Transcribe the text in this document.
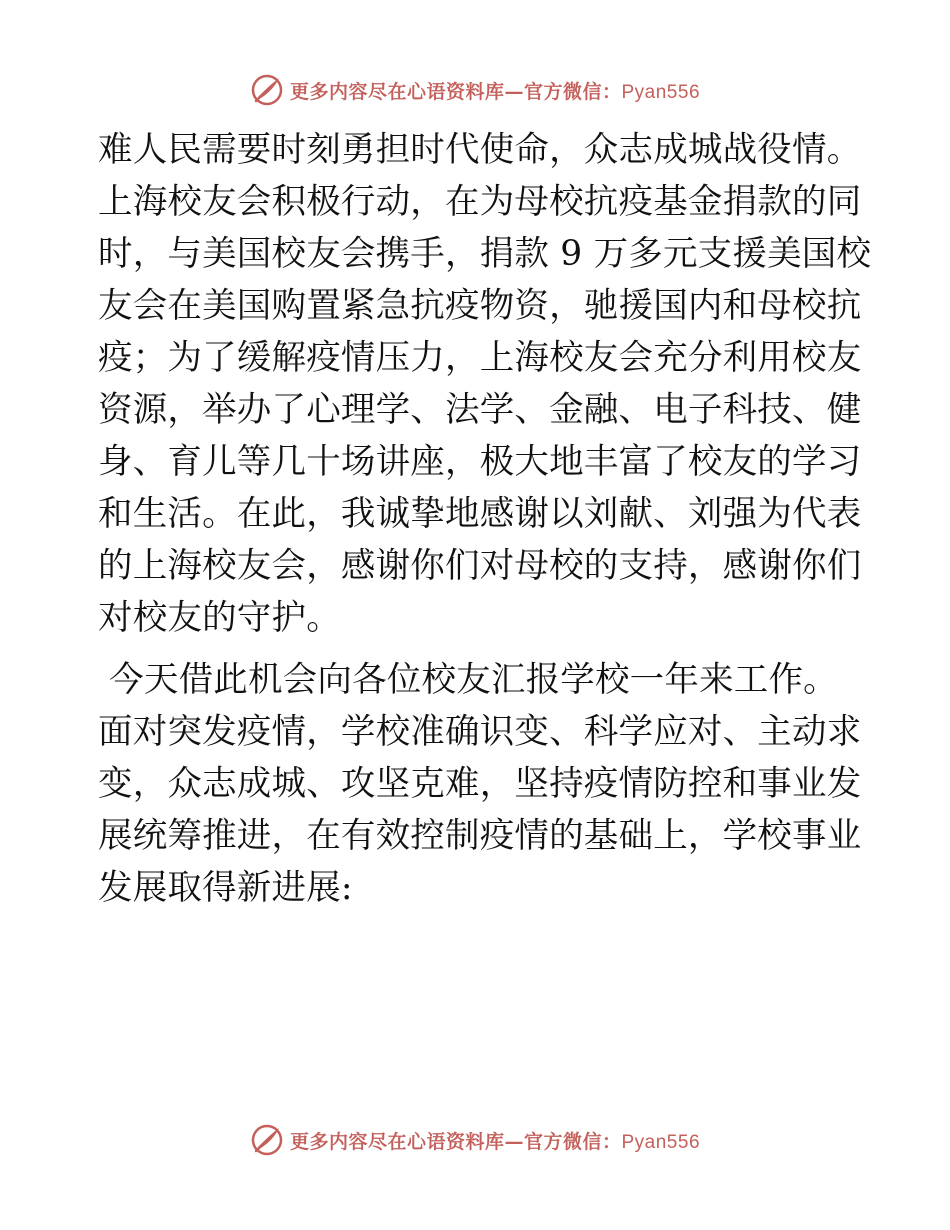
更多内容尽在心语资料库—官方微信：Pyan556

难人民需要时刻勇担时代使命，众志成城战役情。

上海校友会积极行动，在为母校抗疫基金捐款的同

时，与美国校友会携手，捐款 9 万多元支援美国校

友会在美国购置紧急抗疫物资，驰援国内和母校抗

疫；为了缓解疫情压力，上海校友会充分利用校友

资源，举办了心理学、法学、金融、电子科技、健

身、育儿等几十场讲座，极大地丰富了校友的学习

和生活。在此，我诚挚地感谢以刘献、刘强为代表

的上海校友会，感谢你们对母校的支持，感谢你们

对校友的守护。

今天借此机会向各位校友汇报学校一年来工作。

面对突发疫情，学校准确识变、科学应对、主动求

变，众志成城、攻坚克难，坚持疫情防控和事业发

展统筹推进，在有效控制疫情的基础上，学校事业

发展取得新进展:

更多内容尽在心语资料库—官方微信：Pyan556
